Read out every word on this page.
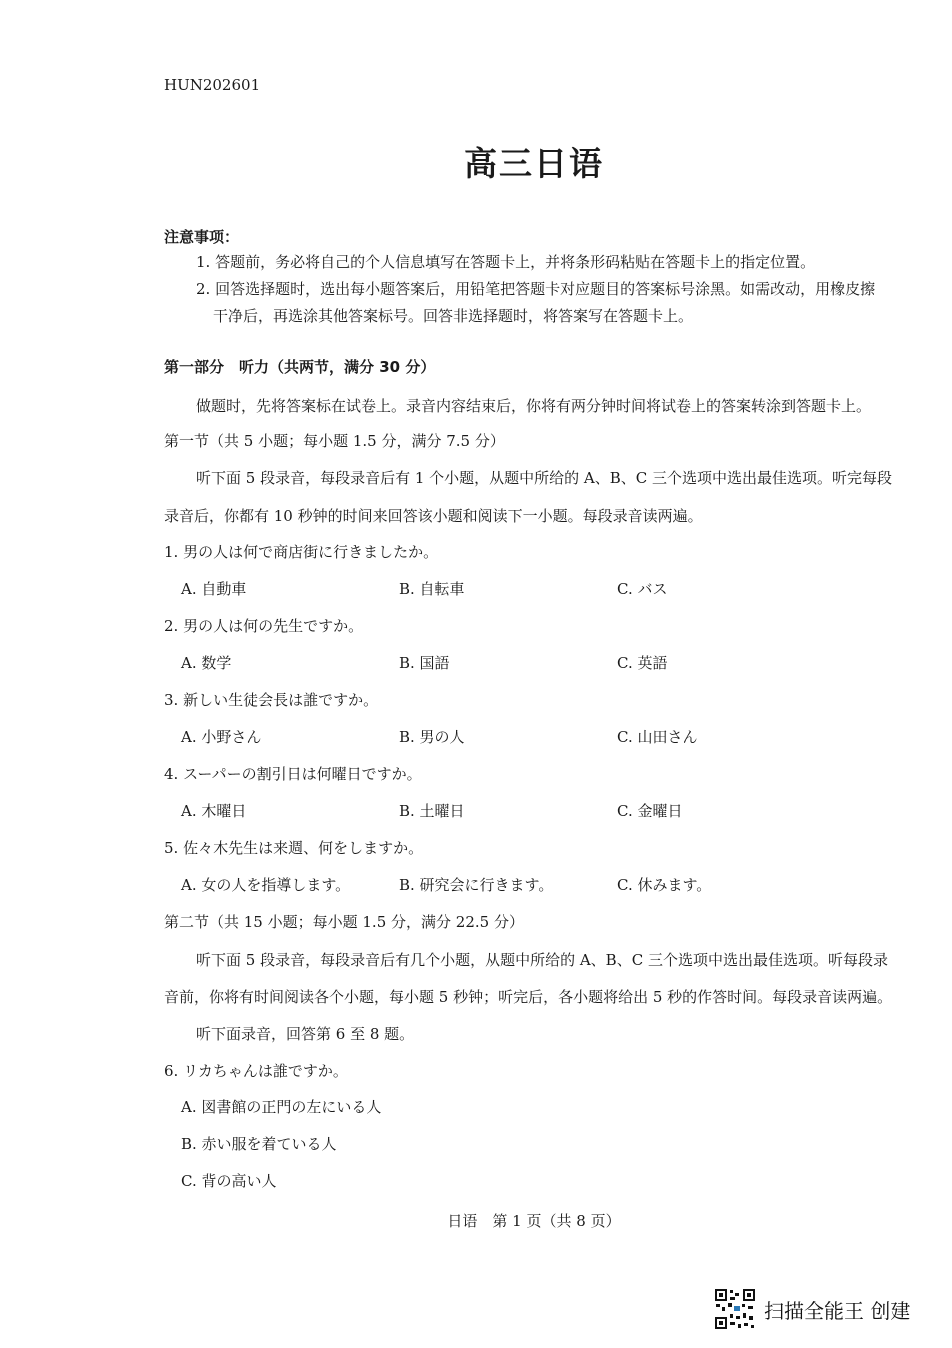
HUN202601
高三日语
注意事项：
1. 答题前，务必将自己的个人信息填写在答题卡上，并将条形码粘贴在答题卡上的指定位置。
2. 回答选择题时，选出每小题答案后，用铅笔把答题卡对应题目的答案标号涂黑。如需改动，用橡皮擦
干净后，再选涂其他答案标号。回答非选择题时，将答案写在答题卡上。
第一部分　听力（共两节，满分 30 分）
做题时，先将答案标在试卷上。录音内容结束后，你将有两分钟时间将试卷上的答案转涂到答题卡上。
第一节（共 5 小题；每小题 1.5 分，满分 7.5 分）
听下面 5 段录音，每段录音后有 1 个小题，从题中所给的 A、B、C 三个选项中选出最佳选项。听完每段
录音后，你都有 10 秒钟的时间来回答该小题和阅读下一小题。每段录音读两遍。
1. 男の人は何で商店街に行きましたか。
A. 自動車	B. 自転車	C. バス
2. 男の人は何の先生ですか。
A. 数学	B. 国語	C. 英語
3. 新しい生徒会長は誰ですか。
A. 小野さん	B. 男の人	C. 山田さん
4. スーパーの割引日は何曜日ですか。
A. 木曜日	B. 土曜日	C. 金曜日
5. 佐々木先生は来週、何をしますか。
A. 女の人を指導します。	B. 研究会に行きます。	C. 休みます。
第二节（共 15 小题；每小题 1.5 分，满分 22.5 分）
听下面 5 段录音，每段录音后有几个小题，从题中所给的 A、B、C 三个选项中选出最佳选项。听每段录
音前，你将有时间阅读各个小题，每小题 5 秒钟；听完后，各小题将给出 5 秒的作答时间。每段录音读两遍。
听下面录音，回答第 6 至 8 题。
6. リカちゃんは誰ですか。
A. 図書館の正門の左にいる人
B. 赤い服を着ている人
C. 背の高い人
日语　第 1 页（共 8 页）
扫描全能王 创建
